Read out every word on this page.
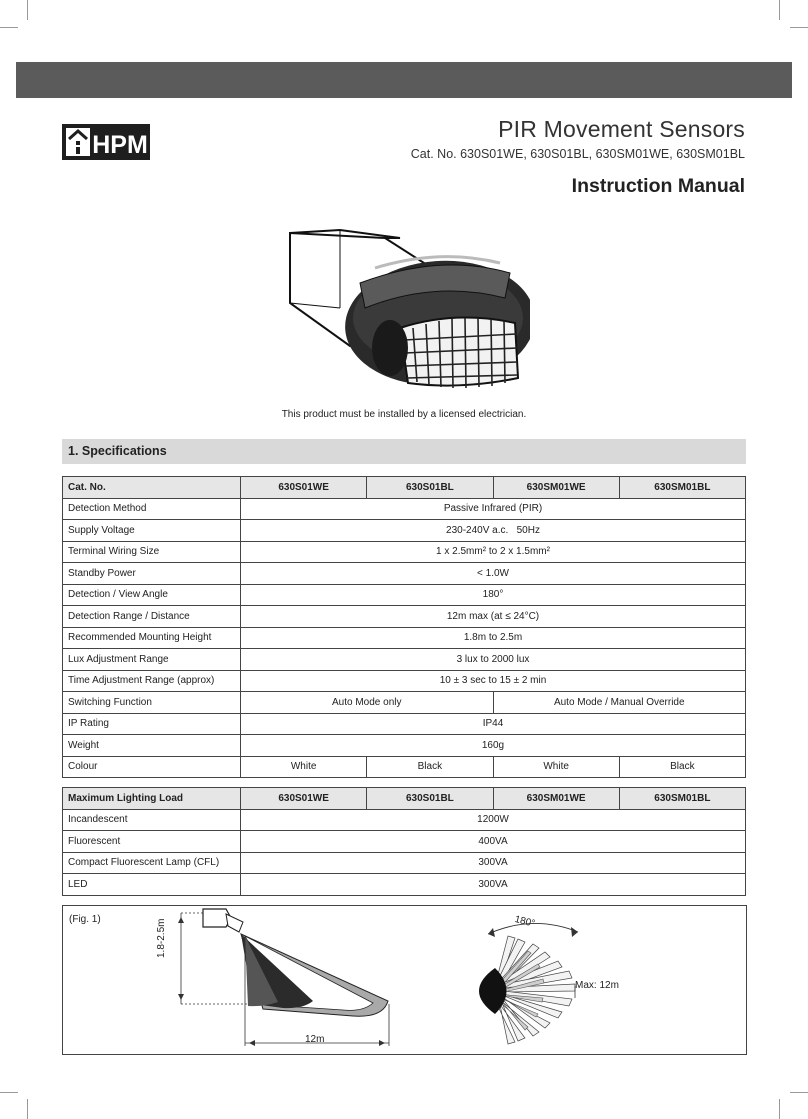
HPM
PIR Movement Sensors
Cat. No. 630S01WE, 630S01BL, 630SM01WE, 630SM01BL
Instruction Manual
This product must be installed by a licensed electrician.
1. Specifications
Cat. No.	630S01WE	630S01BL	630SM01WE	630SM01BL
Detection Method	Passive Infrared (PIR)			
Supply Voltage	230-240V a.c.   50Hz			
Terminal Wiring Size	1 x 2.5mm² to 2 x 1.5mm²			
Standby Power	< 1.0W			
Detection / View Angle	180°			
Detection Range / Distance	12m max (at ≤ 24°C)			
Recommended Mounting Height	1.8m to 2.5m			
Lux Adjustment Range	3 lux to 2000 lux			
Time Adjustment Range (approx)	10 ± 3 sec to 15 ± 2 min			
Switching Function	Auto Mode only		Auto Mode / Manual Override	
IP Rating	IP44			
Weight	160g			
Colour	White	Black	White	Black
Maximum Lighting Load	630S01WE	630S01BL	630SM01WE	630SM01BL
Incandescent	1200W			
Fluorescent	400VA			
Compact Fluorescent Lamp (CFL)	300VA			
LED	300VA			
(Fig. 1)	1.8-2.5m
12m
180°
Max: 12m
